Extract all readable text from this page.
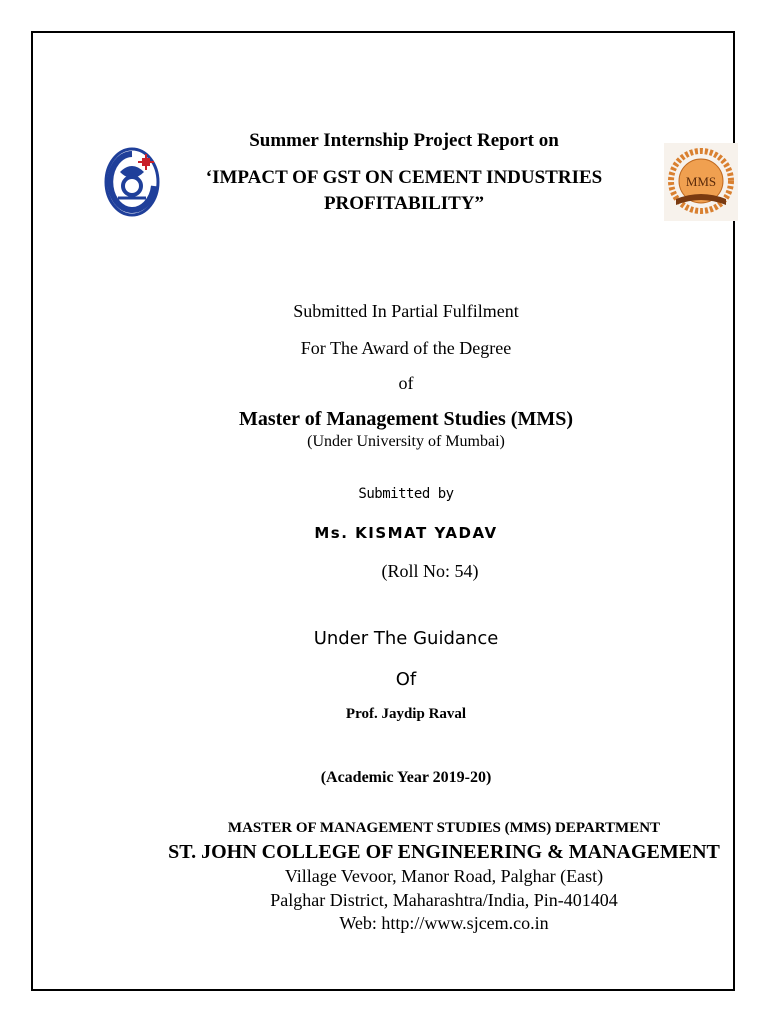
MMS
Summer Internship Project Report on
‘IMPACT OF GST ON CEMENT INDUSTRIES
PROFITABILITY”
Submitted In Partial Fulfilment
For The Award of the Degree
of
Master of Management Studies (MMS)
(Under University of Mumbai)
Submitted by
Ms. KISMAT YADAV
(Roll No: 54)
Under The Guidance
Of
Prof. Jaydip Raval
(Academic Year 2019-20)
MASTER OF MANAGEMENT STUDIES (MMS) DEPARTMENT
ST. JOHN COLLEGE OF ENGINEERING & MANAGEMENT
Village Vevoor, Manor Road, Palghar (East)
Palghar District, Maharashtra/India, Pin-401404
Web: http://www.sjcem.co.in
